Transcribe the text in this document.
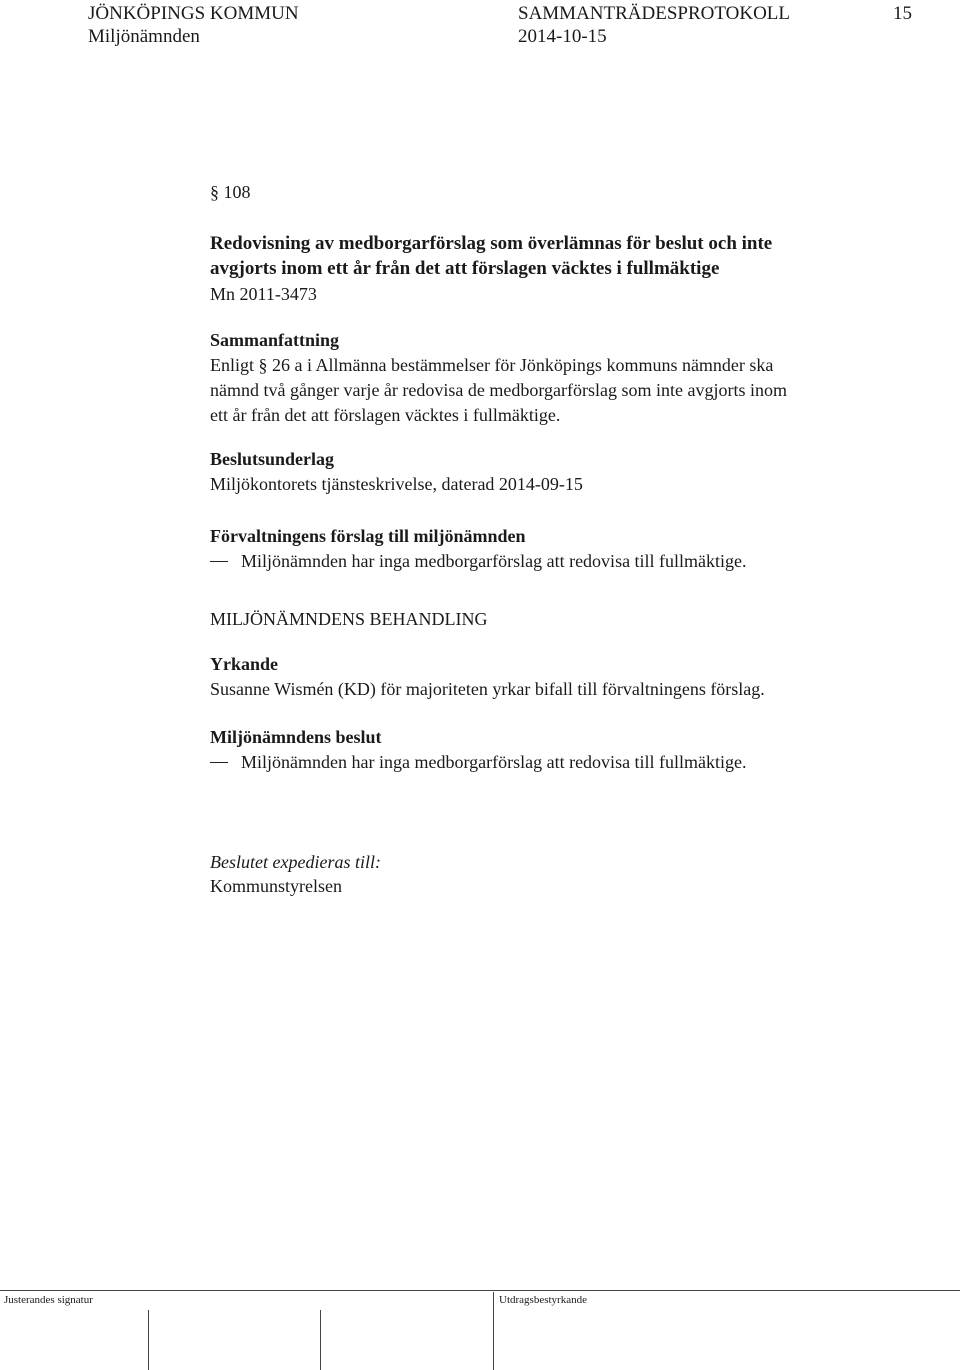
JÖNKÖPINGS KOMMUN
Miljönämnden
SAMMANTRÄDESPROTOKOLL
2014-10-15
15
§ 108
Redovisning av medborgarförslag som överlämnas för beslut och inte
avgjorts inom ett år från det att förslagen väcktes i fullmäktige
Mn 2011-3473
Sammanfattning
Enligt § 26 a i Allmänna bestämmelser för Jönköpings kommuns nämnder ska
nämnd två gånger varje år redovisa de medborgarförslag som inte avgjorts inom
ett år från det att förslagen väcktes i fullmäktige.
Beslutsunderlag
Miljökontorets tjänsteskrivelse, daterad 2014-09-15
Förvaltningens förslag till miljönämnden
Miljönämnden har inga medborgarförslag att redovisa till fullmäktige.
MILJÖNÄMNDENS BEHANDLING
Yrkande
Susanne Wismén (KD) för majoriteten yrkar bifall till förvaltningens förslag.
Miljönämndens beslut
Miljönämnden har inga medborgarförslag att redovisa till fullmäktige.
Beslutet expedieras till:
Kommunstyrelsen
Justerandes signatur	Utdragsbestyrkande
